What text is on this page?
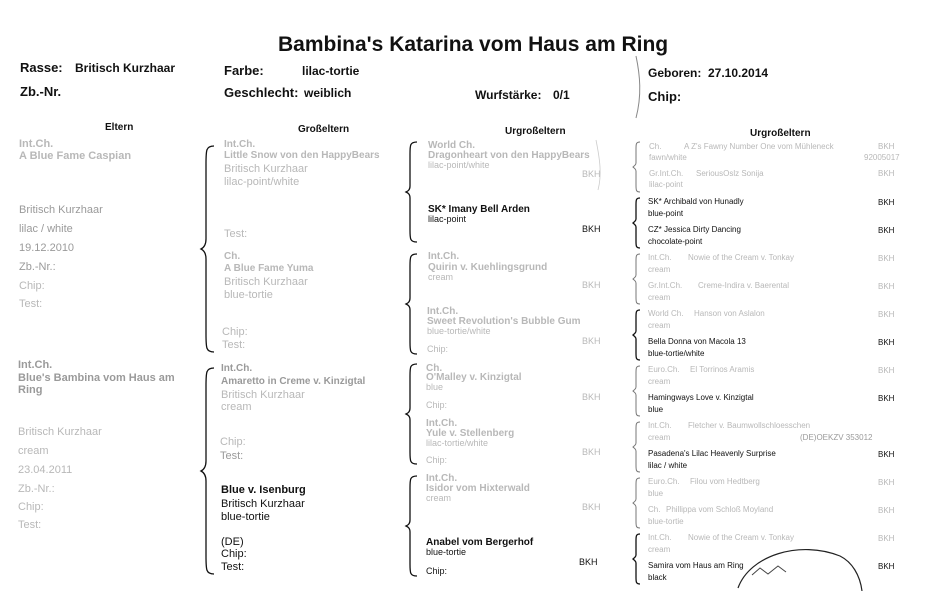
Bambina's Katarina vom Haus am Ring
Rasse: Britisch Kurzhaar
Zb.-Nr.
Farbe:	lilac-tortie
Geschlecht: weiblich	Wurfstärke: 0/1
Geboren: 27.10.2014
Chip:
Eltern	Großeltern	Urgroßeltern	Urgroßeltern
Int.Ch.
A Blue Fame Caspian
Britisch Kurzhaar
lilac / white
19.12.2010
Zb.-Nr.:
Chip:
Test:
Int.Ch.
Blue's Bambina vom Haus am
Ring
Britisch Kurzhaar
cream
23.04.2011
Zb.-Nr.:
Chip:
Test:
Int.Ch.
Little Snow von den HappyBears
Britisch Kurzhaar
lilac-point/white
Test:
Ch.
A Blue Fame Yuma
Britisch Kurzhaar
blue-tortie
Chip:
Test:
Int.Ch.
Amaretto in Creme v. Kinzigtal
Britisch Kurzhaar
cream
Chip:
Test:
Blue v. Isenburg
Britisch Kurzhaar
blue-tortie
(DE)
Chip:
Test:
World Ch.
Dragonheart von den HappyBears
lilac-point/white
BKH
SK* Imany Bell Arden
lilac-point
BKH
Int.Ch.
Quirin v. Kuehlingsgrund
cream
BKH
Int.Ch.
Sweet Revolution's Bubble Gum
blue-tortie/white
Chip:
BKH
Ch.
O'Malley v. Kinzigtal
blue
Chip:
BKH
Int.Ch.
Yule v. Stellenberg
lilac-tortie/white
Chip:
BKH
Int.Ch.
Isidor vom Hixterwald
cream
BKH
Anabel vom Bergerhof
blue-tortie
Chip:
BKH
Ch.	A Z's Fawny Number One vom Mühleneck
fawn/white
BKH
92005017
Gr.Int.Ch. SeriousOslz Sonija
lilac-point
BKH
SK* Archibald von Hunadly
blue-point
BKH
CZ* Jessica Dirty Dancing
chocolate-point
BKH
Int.Ch. Nowie of the Cream v. Tonkay
cream
BKH
Gr.Int.Ch. Creme-Indira v. Baerental
cream
BKH
World Ch. Hanson von Aslalon
cream
BKH
Bella Donna von Macola 13
blue-tortie/white
BKH
Euro.Ch. El Torrinos Aramis
cream
BKH
Hamingways Love v. Kinzigtal
blue
BKH
Int.Ch. Fletcher v. Baumwollschloesschen
cream	(DE)OEKZV 353012
Pasadena's Lilac Heavenly Surprise
lilac / white
BKH
Euro.Ch. Filou vom Hedtberg
blue
BKH
Ch. Phillippa vom Schloß Moyland
blue-tortie
BKH
Int.Ch. Nowie of the Cream v. Tonkay
cream
BKH
Samira vom Haus am Ring
black
BKH
